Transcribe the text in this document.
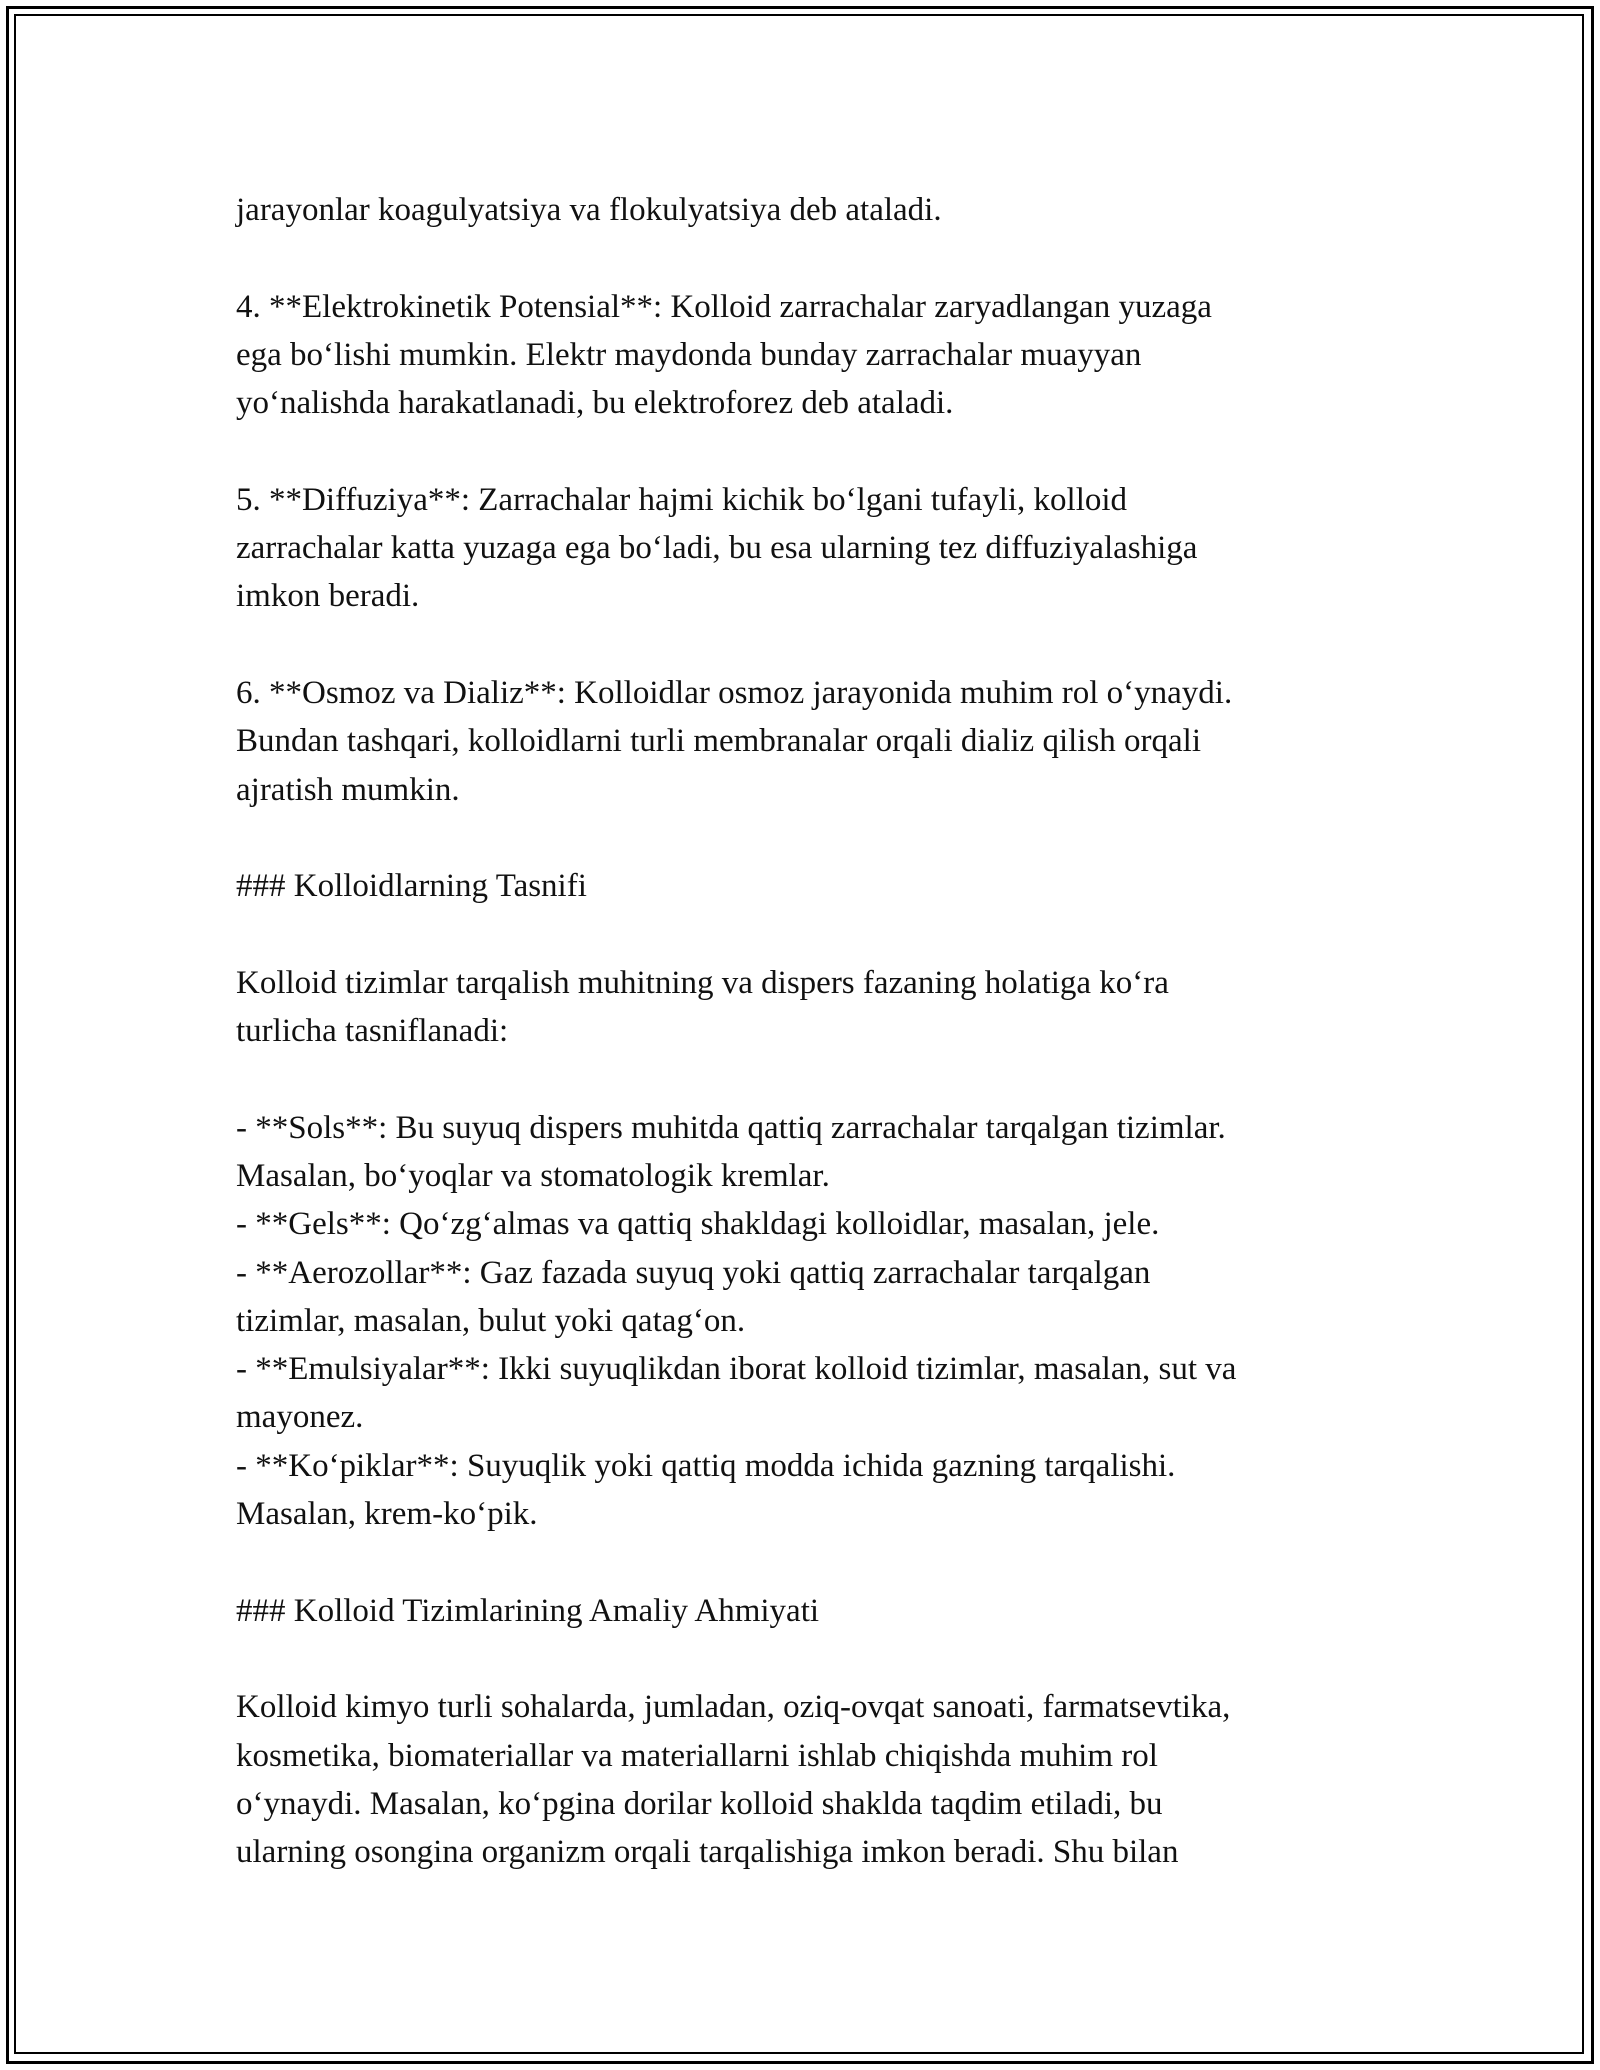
jarayonlar koagulyatsiya va flokulyatsiya deb ataladi.

4. **Elektrokinetik Potensial**: Kolloid zarrachalar zaryadlangan yuzaga
ega bo‘lishi mumkin. Elektr maydonda bunday zarrachalar muayyan
yo‘nalishda harakatlanadi, bu elektroforez deb ataladi.

5. **Diffuziya**: Zarrachalar hajmi kichik bo‘lgani tufayli, kolloid
zarrachalar katta yuzaga ega bo‘ladi, bu esa ularning tez diffuziyalashiga
imkon beradi.

6. **Osmoz va Dializ**: Kolloidlar osmoz jarayonida muhim rol o‘ynaydi.
Bundan tashqari, kolloidlarni turli membranalar orqali dializ qilish orqali
ajratish mumkin.

### Kolloidlarning Tasnifi

Kolloid tizimlar tarqalish muhitning va dispers fazaning holatiga ko‘ra
turlicha tasniflanadi:

- **Sols**: Bu suyuq dispers muhitda qattiq zarrachalar tarqalgan tizimlar.
Masalan, bo‘yoqlar va stomatologik kremlar.
- **Gels**: Qo‘zg‘almas va qattiq shakldagi kolloidlar, masalan, jele.
- **Aerozollar**: Gaz fazada suyuq yoki qattiq zarrachalar tarqalgan
tizimlar, masalan, bulut yoki qatag‘on.
- **Emulsiyalar**: Ikki suyuqlikdan iborat kolloid tizimlar, masalan, sut va
mayonez.
- **Ko‘piklar**: Suyuqlik yoki qattiq modda ichida gazning tarqalishi.
Masalan, krem-ko‘pik.

### Kolloid Tizimlarining Amaliy Ahmiyati

Kolloid kimyo turli sohalarda, jumladan, oziq-ovqat sanoati, farmatsevtika,
kosmetika, biomateriallar va materiallarni ishlab chiqishda muhim rol
o‘ynaydi. Masalan, ko‘pgina dorilar kolloid shaklda taqdim etiladi, bu
ularning osongina organizm orqali tarqalishiga imkon beradi. Shu bilan
